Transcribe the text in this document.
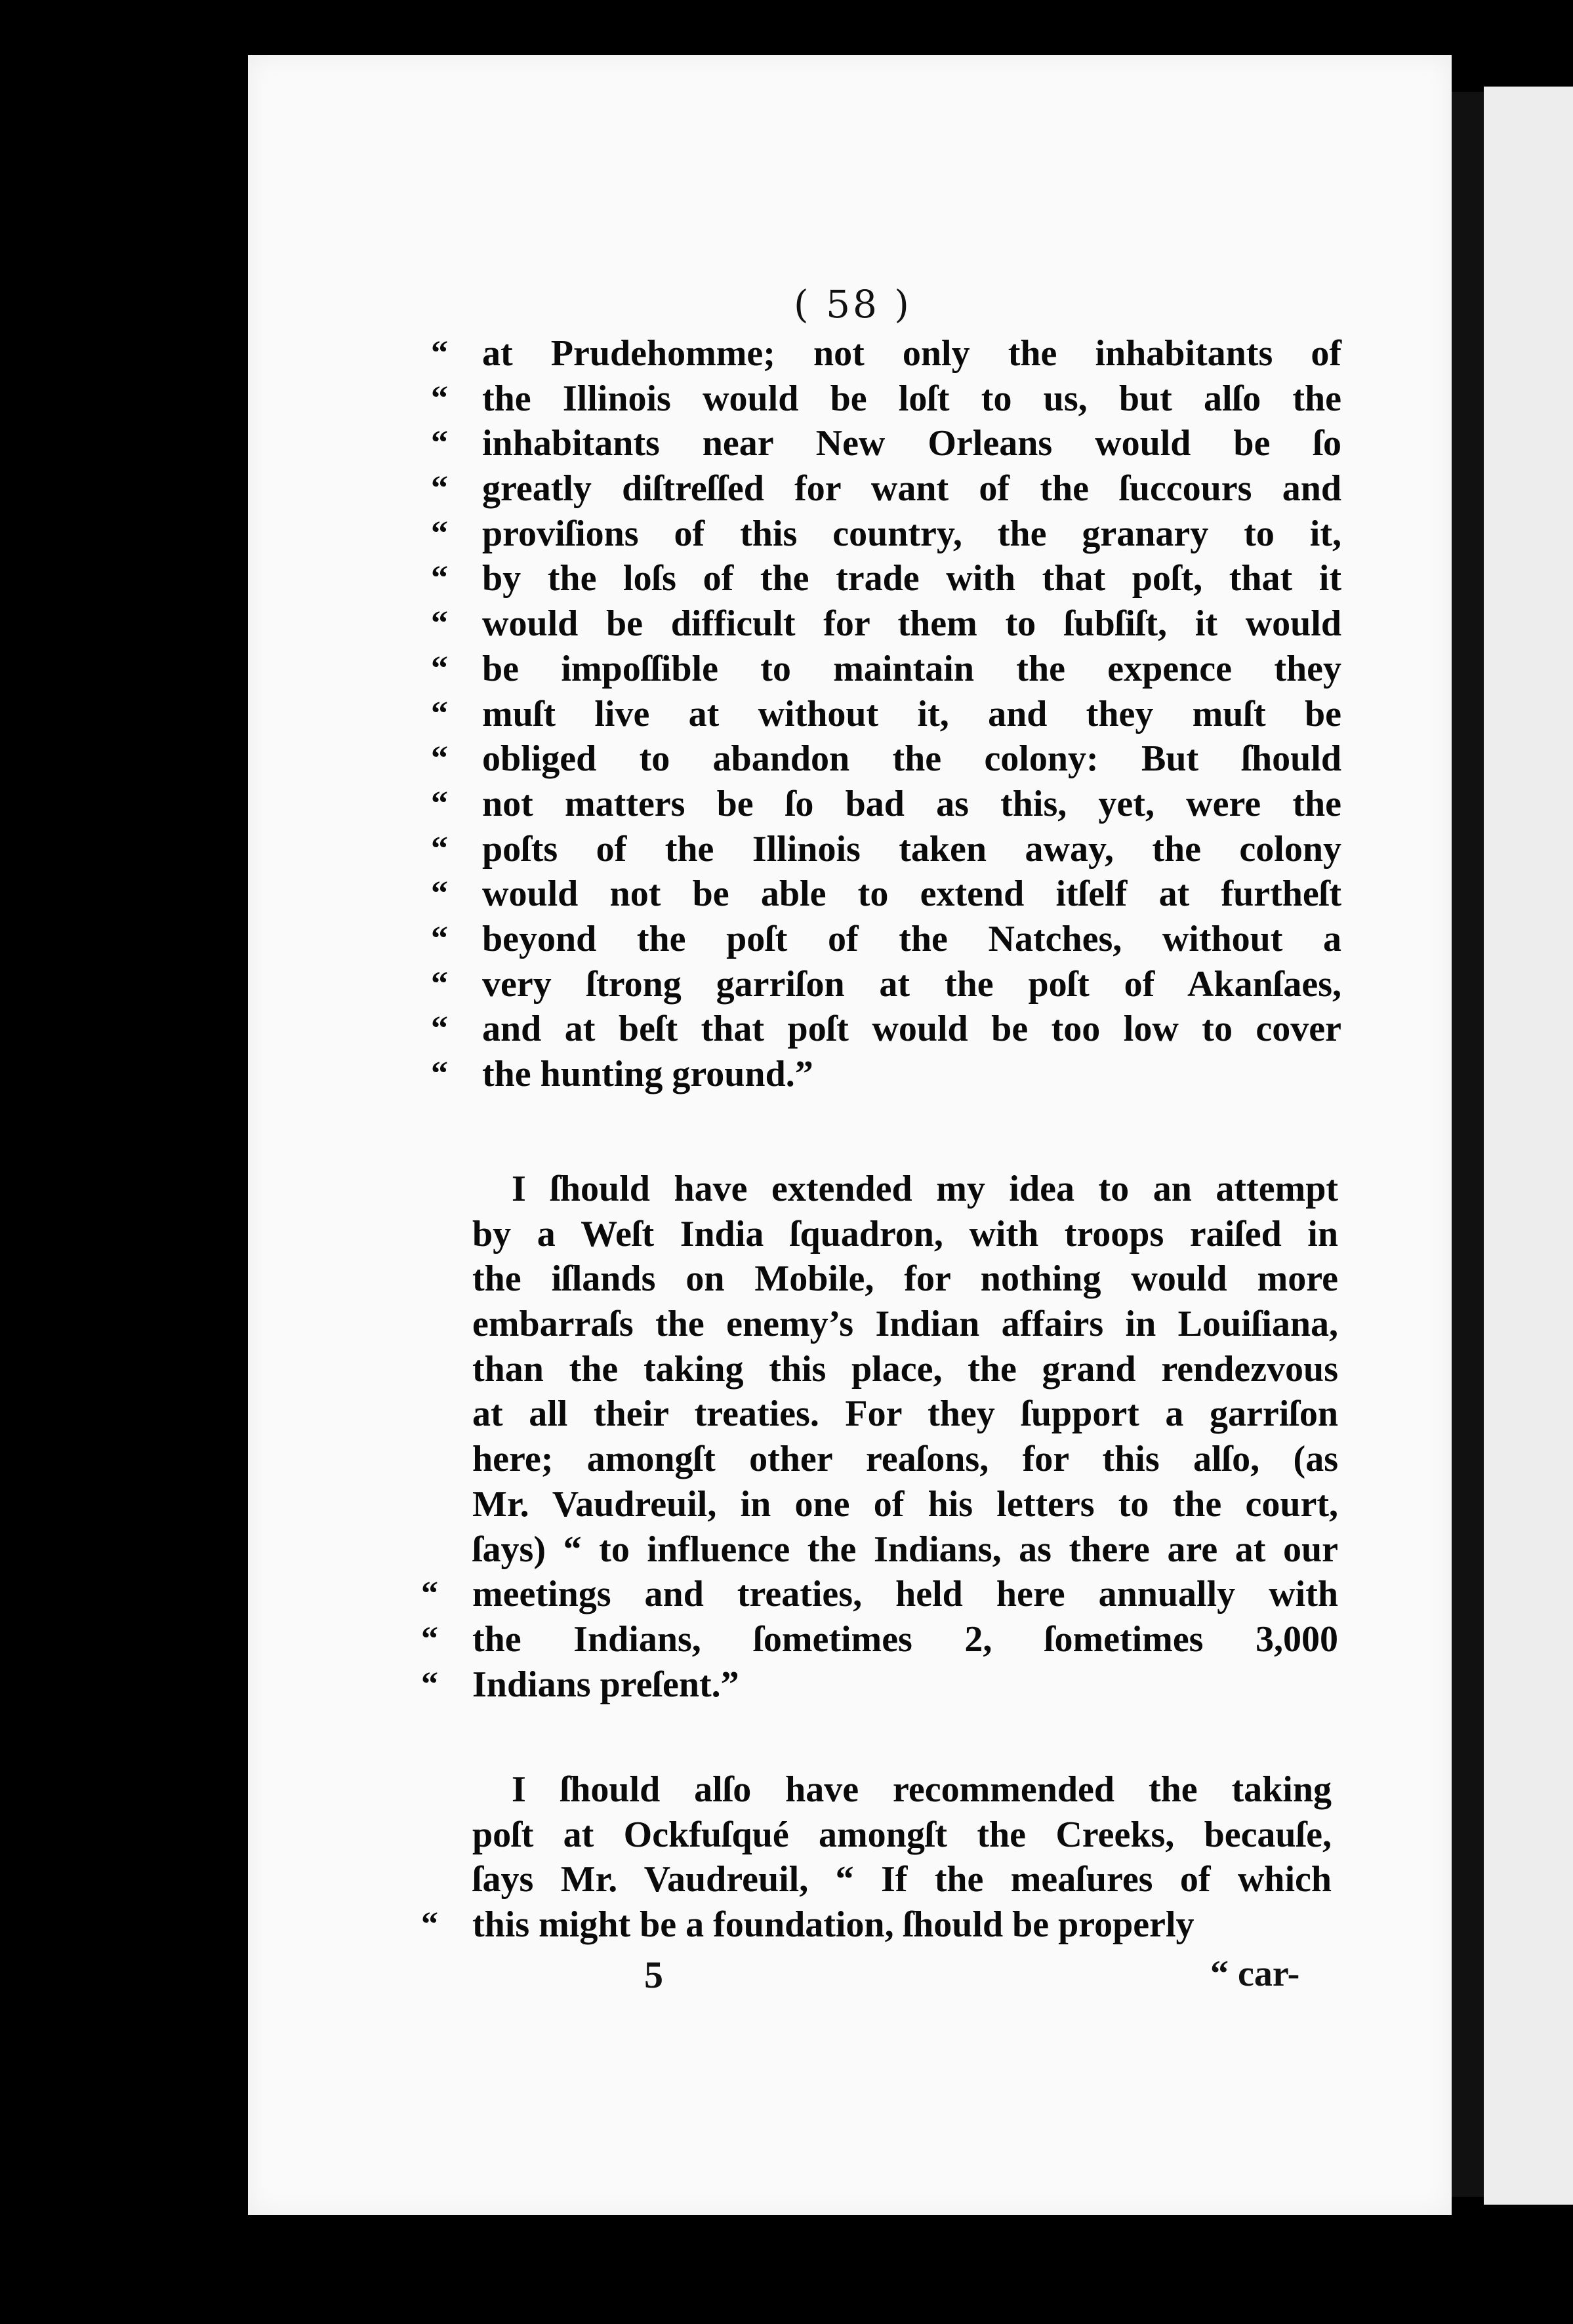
( 58 )
“ at Prudehomme; not only the inhabitants of
“ the Illinois would be loſt to us, but alſo the
“ inhabitants near New Orleans would be ſo
“ greatly diſtreſſed for want of the ſuccours and
“ proviſions of this country, the granary to it,
“ by the loſs of the trade with that poſt, that it
“ would be difficult for them to ſubſiſt, it would
“ be impoſſible to maintain the expence they
“ muſt live at without it, and they muſt be
“ obliged to abandon the colony: But ſhould
“ not matters be ſo bad as this, yet, were the
“ poſts of the Illinois taken away, the colony
“ would not be able to extend itſelf at furtheſt
“ beyond the poſt of the Natches, without a
“ very ſtrong garriſon at the poſt of Akanſaes,
“ and at beſt that poſt would be too low to cover
“ the hunting ground.”
I ſhould have extended my idea to an attempt
by a Weſt India ſquadron, with troops raiſed in
the iſlands on Mobile, for nothing would more
embarraſs the enemy’s Indian affairs in Louiſiana,
than the taking this place, the grand rendezvous
at all their treaties. For they ſupport a garriſon
here; amongſt other reaſons, for this alſo, (as
Mr. Vaudreuil, in one of his letters to the court,
ſays) “ to influence the Indians, as there are at our
“ meetings and treaties, held here annually with
“ the Indians, ſometimes 2, ſometimes 3,000
“ Indians preſent.”
I ſhould alſo have recommended the taking
poſt at Ockfuſqué amongſt the Creeks, becauſe,
ſays Mr. Vaudreuil, “ If the meaſures of which
“ this might be a foundation, ſhould be properly
5	“ car-
